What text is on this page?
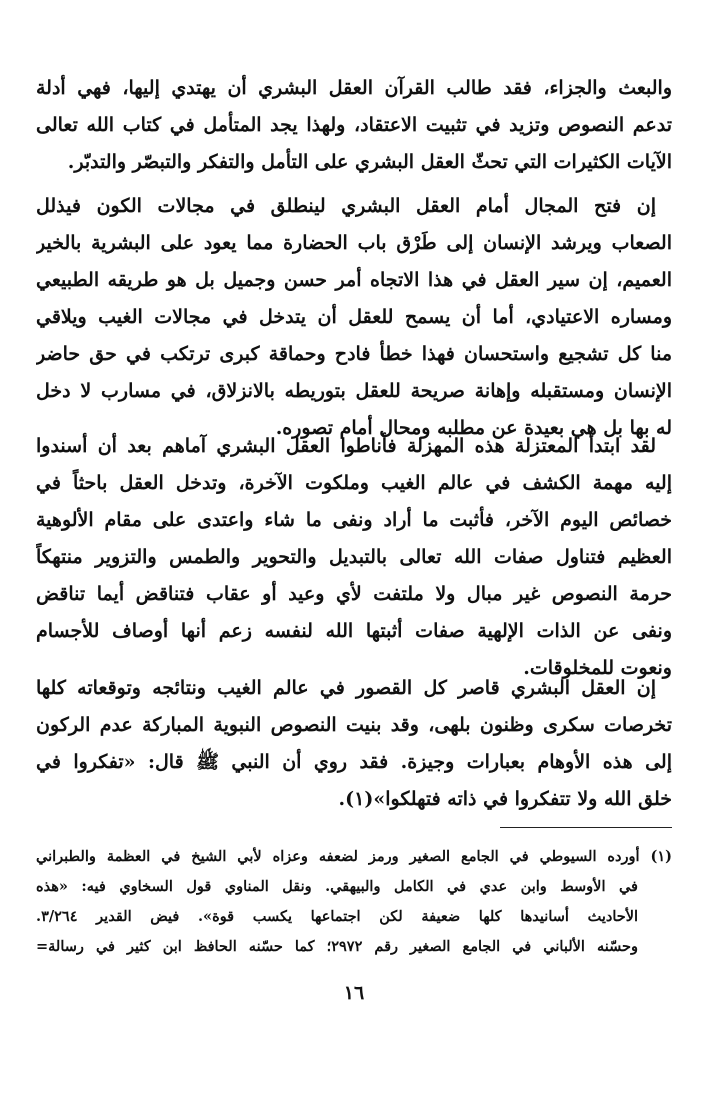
والبعث والجزاء، فقد طالب القرآن العقل البشري أن يهتدي إليها، فهي أدلة
تدعم النصوص وتزيد في تثبيت الاعتقاد، ولهذا يجد المتأمل في كتاب الله تعالى
الآيات الكثيرات التي تحثّ العقل البشري على التأمل والتفكر والتبصّر والتدبّر.
إن فتح المجال أمام العقل البشري لينطلق في مجالات الكون فيذلل
الصعاب ويرشد الإنسان إلى طَرْق باب الحضارة مما يعود على البشرية بالخير
العميم، إن سير العقل في هذا الاتجاه أمر حسن وجميل بل هو طريقه الطبيعي
ومساره الاعتيادي، أما أن يسمح للعقل أن يتدخل في مجالات الغيب ويلاقي
منا كل تشجيع واستحسان فهذا خطأ فادح وحماقة كبرى ترتكب في حق حاضر
الإنسان ومستقبله وإهانة صريحة للعقل بتوريطه بالانزلاق، في مسارب لا دخل
له بها بل هي بعيدة عن مطلبه ومحال أمام تصوره.
لقد ابتدأ المعتزلة هذه المهزلة فأناطوا العقل البشري آماهم بعد أن أسندوا
إليه مهمة الكشف في عالم الغيب وملكوت الآخرة، وتدخل العقل باحثاً في
خصائص اليوم الآخر، فأثبت ما أراد ونفى ما شاء واعتدى على مقام الألوهية
العظيم فتناول صفات الله تعالى بالتبديل والتحوير والطمس والتزوير منتهكاً
حرمة النصوص غير مبال ولا ملتفت لأي وعيد أو عقاب فتناقض أيما تناقض
ونفى عن الذات الإلهية صفات أثبتها الله لنفسه زعم أنها أوصاف للأجسام
ونعوت للمخلوقات.
إن العقل البشري قاصر كل القصور في عالم الغيب ونتائجه وتوقعاته كلها
تخرصات سكرى وظنون بلهى، وقد بنيت النصوص النبوية المباركة عدم الركون
إلى هذه الأوهام بعبارات وجيزة. فقد روي أن النبي ﷺ قال: «تفكروا في
خلق الله ولا تتفكروا في ذاته فتهلكوا»(١).
(١) أورده السيوطي في الجامع الصغير ورمز لضعفه وعزاه لأبي الشيخ في العظمة والطبراني
في الأوسط وابن عدي في الكامل والبيهقي. ونقل المناوي قول السخاوي فيه: «هذه
الأحاديث أسانيدها كلها ضعيفة لكن اجتماعها يكسب قوة». فيض القدير ٣/٢٦٤.
وحسّنه الألباني في الجامع الصغير رقم ٢٩٧٢؛ كما حسّنه الحافظ ابن كثير في رسالة=
١٦
